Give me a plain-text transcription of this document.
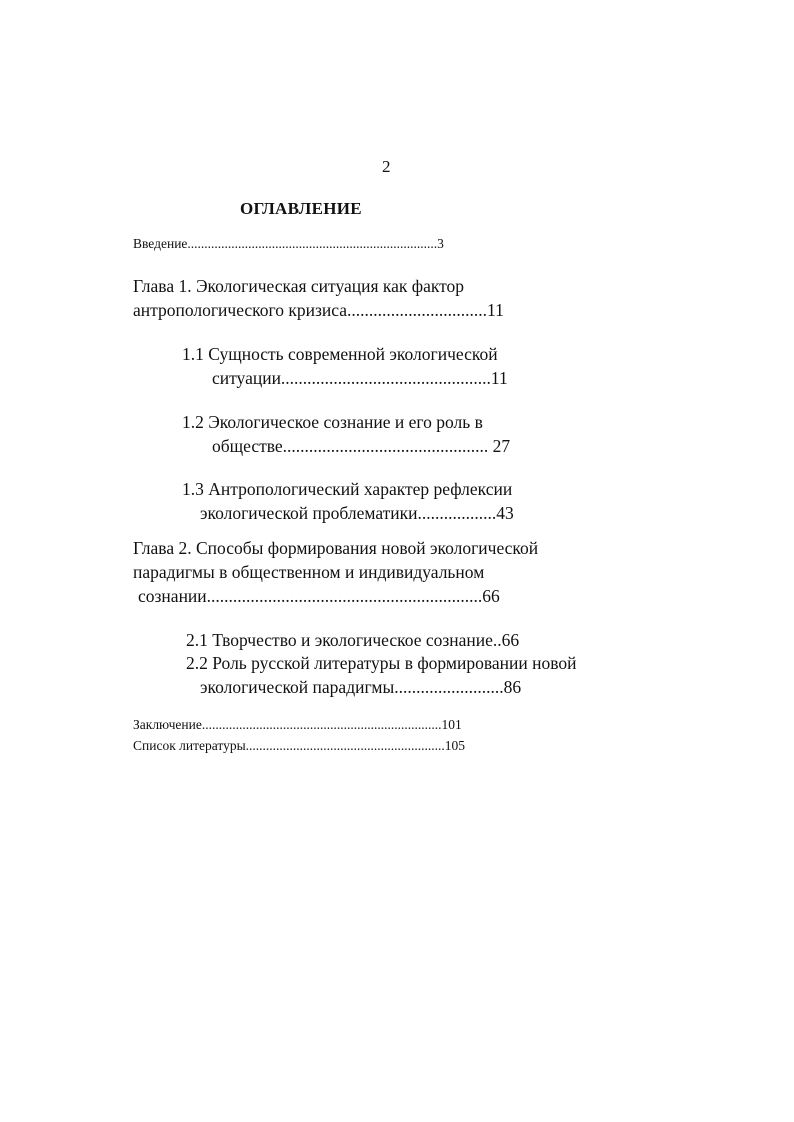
2
ОГЛАВЛЕНИЕ
Введение..........................................................................3
Глава 1. Экологическая ситуация как фактор
антропологического кризиса................................11
1.1 Сущность современной экологической
ситуации................................................11
1.2 Экологическое сознание и его роль в
обществе............................................... 27
1.3 Антропологический характер рефлексии
экологической проблематики..................43
Глава 2. Способы формирования новой экологической
парадигмы в общественном и индивидуальном
сознании...............................................................66
2.1 Творчество и экологическое сознание..66
2.2 Роль русской литературы в формировании новой
экологической парадигмы.........................86
Заключение.......................................................................101
Список литературы...........................................................105
